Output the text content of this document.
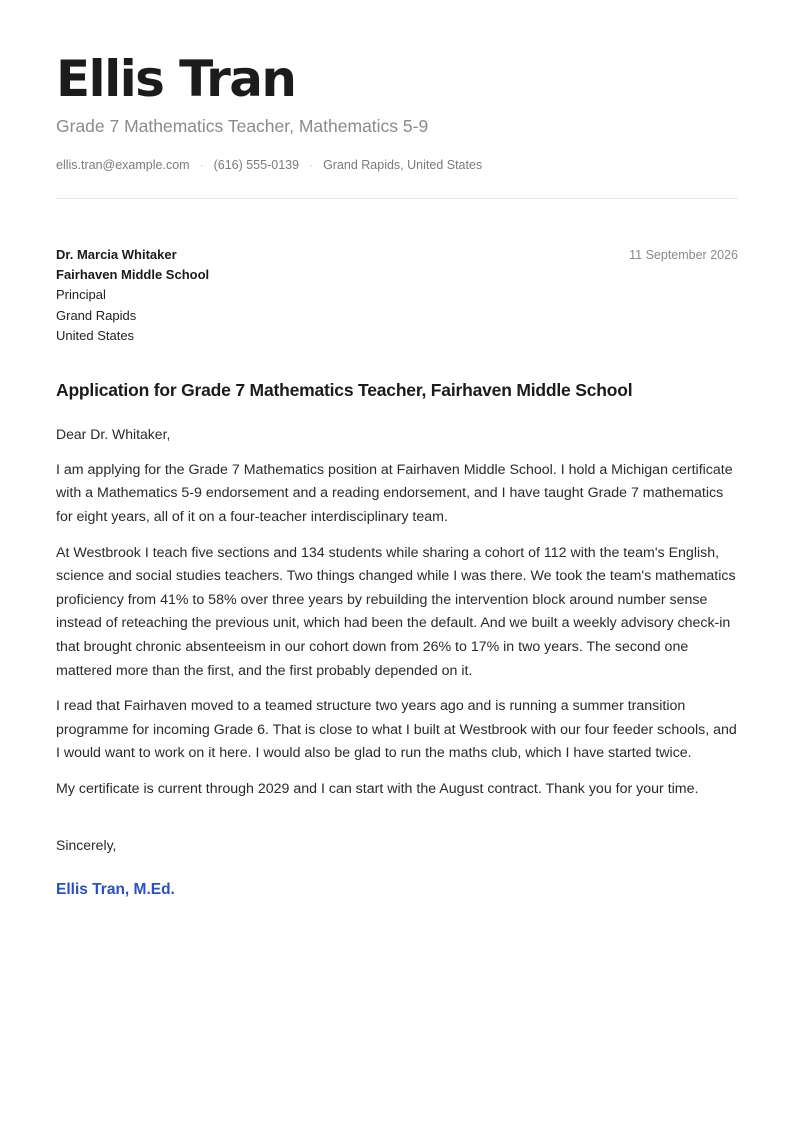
Ellis Tran
Grade 7 Mathematics Teacher, Mathematics 5-9
ellis.tran@example.com · (616) 555-0139 · Grand Rapids, United States
Dr. Marcia Whitaker
Fairhaven Middle School
Principal
Grand Rapids
United States
11 September 2026
Application for Grade 7 Mathematics Teacher, Fairhaven Middle School
Dear Dr. Whitaker,

I am applying for the Grade 7 Mathematics position at Fairhaven Middle School. I hold a Michigan certificate with a Mathematics 5-9 endorsement and a reading endorsement, and I have taught Grade 7 mathematics for eight years, all of it on a four-teacher interdisciplinary team.

At Westbrook I teach five sections and 134 students while sharing a cohort of 112 with the team's English, science and social studies teachers. Two things changed while I was there. We took the team's mathematics proficiency from 41% to 58% over three years by rebuilding the intervention block around number sense instead of reteaching the previous unit, which had been the default. And we built a weekly advisory check-in that brought chronic absenteeism in our cohort down from 26% to 17% in two years. The second one mattered more than the first, and the first probably depended on it.

I read that Fairhaven moved to a teamed structure two years ago and is running a summer transition programme for incoming Grade 6. That is close to what I built at Westbrook with our four feeder schools, and I would want to work on it here. I would also be glad to run the maths club, which I have started twice.

My certificate is current through 2029 and I can start with the August contract. Thank you for your time.

Sincerely,
Ellis Tran, M.Ed.
